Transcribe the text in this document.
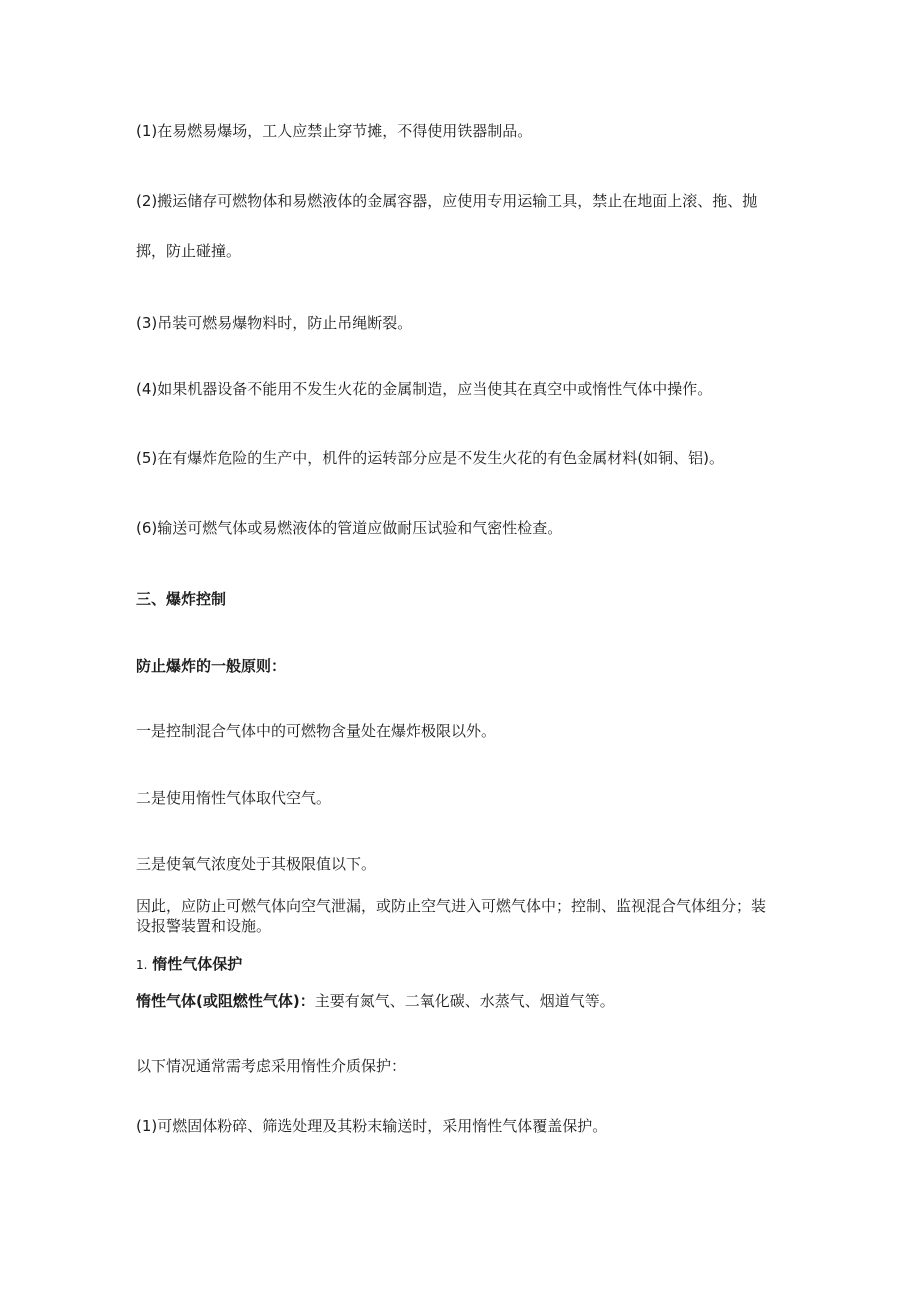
(1)在易燃易爆场，工人应禁止穿节摊，不得使用铁器制品。

(2)搬运储存可燃物体和易燃液体的金属容器，应使用专用运输工具，禁止在地面上滚、拖、抛

掷，防止碰撞。

(3)吊装可燃易爆物料时，防止吊绳断裂。

(4)如果机器设备不能用不发生火花的金属制造，应当使其在真空中或惰性气体中操作。

(5)在有爆炸危险的生产中，机件的运转部分应是不发生火花的有色金属材料(如铜、铝)。

(6)输送可燃气体或易燃液体的管道应做耐压试验和气密性检查。

三、爆炸控制

防止爆炸的一般原则：

一是控制混合气体中的可燃物含量处在爆炸极限以外。

二是使用惰性气体取代空气。

三是使氧气浓度处于其极限值以下。

因此，应防止可燃气体向空气泄漏，或防止空气进入可燃气体中；控制、监视混合气体组分；装设报警装置和设施。

1. 惰性气体保护

惰性气体(或阻燃性气体)：主要有氮气、二氧化碳、水蒸气、烟道气等。

以下情况通常需考虑采用惰性介质保护：

(1)可燃固体粉碎、筛选处理及其粉末输送时，采用惰性气体覆盖保护。
